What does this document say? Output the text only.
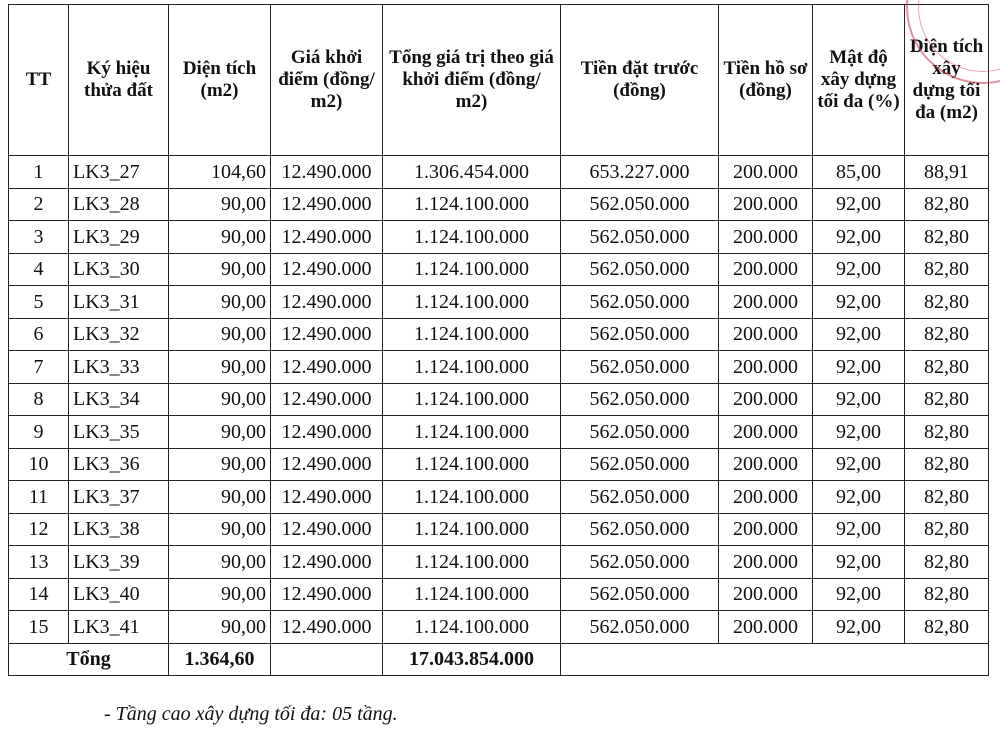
TT	Ký hiệu thửa đất	Diện tích (m2)	Giá khởi điểm (đồng/ m2)	Tổng giá trị theo giá khởi điểm (đồng/ m2)	Tiền đặt trước (đồng)	Tiền hồ sơ (đồng)	Mật độ xây dựng tối đa (%)	Diện tích xây dựng tối đa (m2)
1	LK3_27	104,60	12.490.000	1.306.454.000	653.227.000	200.000	85,00	88,91
2	LK3_28	90,00	12.490.000	1.124.100.000	562.050.000	200.000	92,00	82,80
3	LK3_29	90,00	12.490.000	1.124.100.000	562.050.000	200.000	92,00	82,80
4	LK3_30	90,00	12.490.000	1.124.100.000	562.050.000	200.000	92,00	82,80
5	LK3_31	90,00	12.490.000	1.124.100.000	562.050.000	200.000	92,00	82,80
6	LK3_32	90,00	12.490.000	1.124.100.000	562.050.000	200.000	92,00	82,80
7	LK3_33	90,00	12.490.000	1.124.100.000	562.050.000	200.000	92,00	82,80
8	LK3_34	90,00	12.490.000	1.124.100.000	562.050.000	200.000	92,00	82,80
9	LK3_35	90,00	12.490.000	1.124.100.000	562.050.000	200.000	92,00	82,80
10	LK3_36	90,00	12.490.000	1.124.100.000	562.050.000	200.000	92,00	82,80
11	LK3_37	90,00	12.490.000	1.124.100.000	562.050.000	200.000	92,00	82,80
12	LK3_38	90,00	12.490.000	1.124.100.000	562.050.000	200.000	92,00	82,80
13	LK3_39	90,00	12.490.000	1.124.100.000	562.050.000	200.000	92,00	82,80
14	LK3_40	90,00	12.490.000	1.124.100.000	562.050.000	200.000	92,00	82,80
15	LK3_41	90,00	12.490.000	1.124.100.000	562.050.000	200.000	92,00	82,80
Tổng		1.364,60		17.043.854.000				
- Tầng cao xây dựng tối đa: 05 tầng.
